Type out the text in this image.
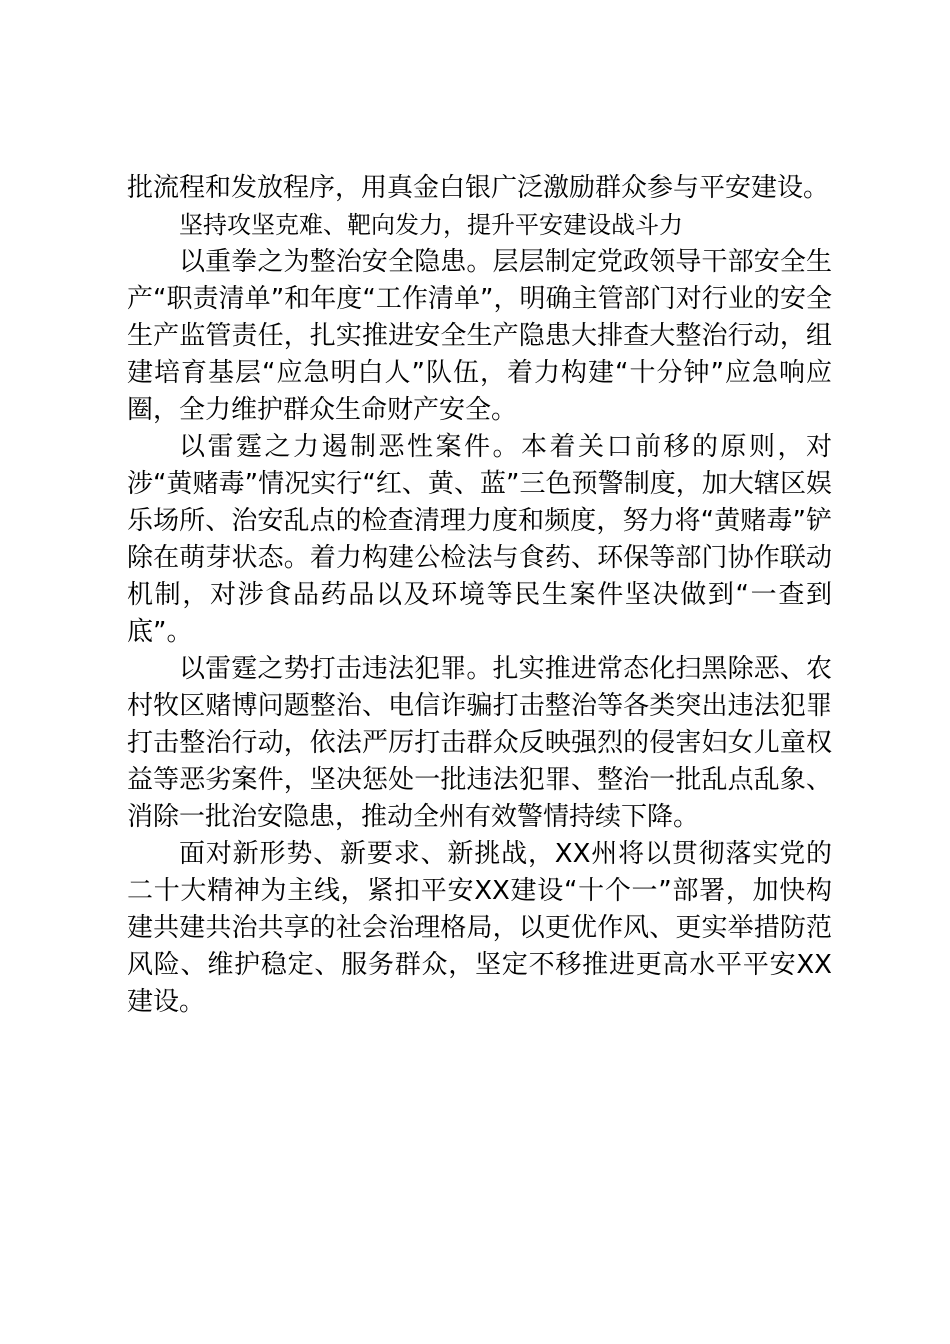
批流程和发放程序，用真金白银广泛激励群众参与平安建设。

坚持攻坚克难、靶向发力，提升平安建设战斗力

以重拳之为整治安全隐患。层层制定党政领导干部安全生产“职责清单”和年度“工作清单”，明确主管部门对行业的安全生产监管责任，扎实推进安全生产隐患大排查大整治行动，组建培育基层“应急明白人”队伍，着力构建“十分钟”应急响应圈，全力维护群众生命财产安全。

以雷霆之力遏制恶性案件。本着关口前移的原则，对涉“黄赌毒”情况实行“红、黄、蓝”三色预警制度，加大辖区娱乐场所、治安乱点的检查清理力度和频度，努力将“黄赌毒”铲除在萌芽状态。着力构建公检法与食药、环保等部门协作联动机制，对涉食品药品以及环境等民生案件坚决做到“一查到底”。

以雷霆之势打击违法犯罪。扎实推进常态化扫黑除恶、农村牧区赌博问题整治、电信诈骗打击整治等各类突出违法犯罪打击整治行动，依法严厉打击群众反映强烈的侵害妇女儿童权益等恶劣案件，坚决惩处一批违法犯罪、整治一批乱点乱象、消除一批治安隐患，推动全州有效警情持续下降。

面对新形势、新要求、新挑战，XX州将以贯彻落实党的二十大精神为主线，紧扣平安XX建设“十个一”部署，加快构建共建共治共享的社会治理格局，以更优作风、更实举措防范风险、维护稳定、服务群众，坚定不移推进更高水平平安XX建设。
